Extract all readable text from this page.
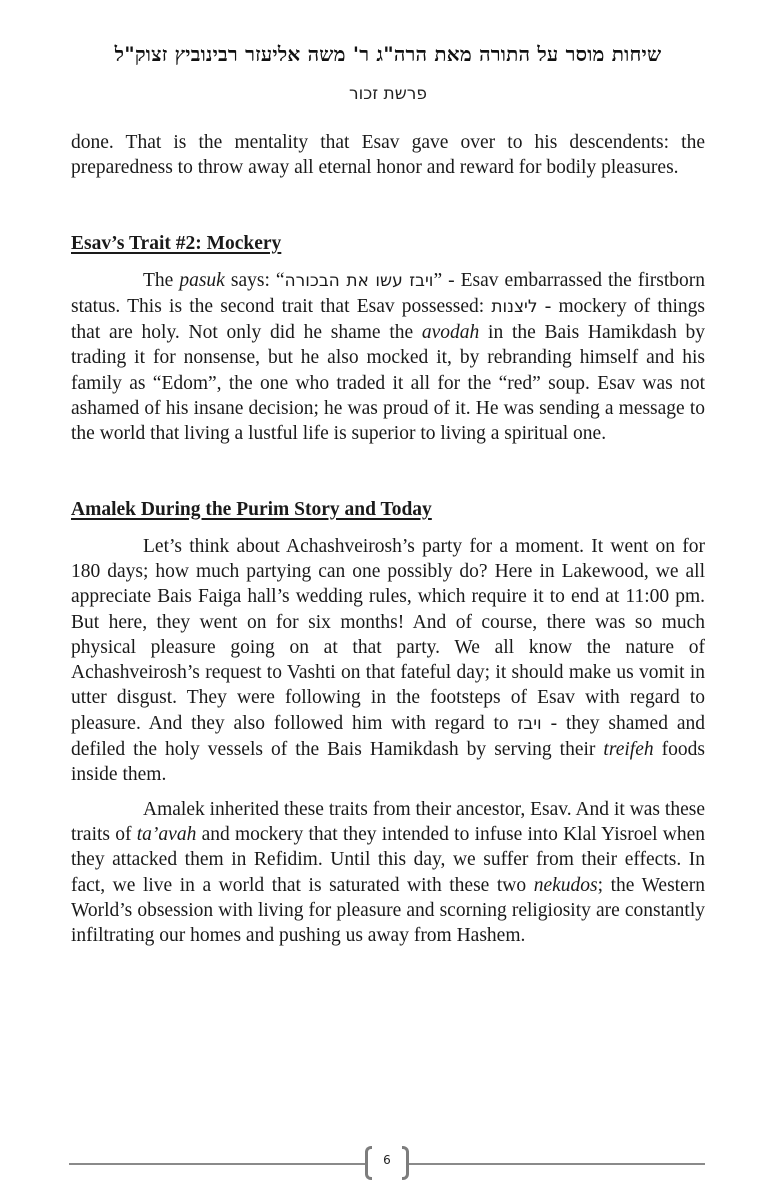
שיחות מוסר על התורה מאת הרה"ג ר' משה אליעזר רבינוביץ זצוק"ל
פרשת זכור

done. That is the mentality that Esav gave over to his descendents: the preparedness to throw away all eternal honor and reward for bodily pleasures.

Esav’s Trait #2: Mockery

The pasuk says: “ויבז עשו את הבכורה” - Esav embarrassed the firstborn status. This is the second trait that Esav possessed: ליצנות - mockery of things that are holy. Not only did he shame the avodah in the Bais Hamikdash by trading it for nonsense, but he also mocked it, by rebranding himself and his family as “Edom”, the one who traded it all for the “red” soup. Esav was not ashamed of his insane decision; he was proud of it. He was sending a message to the world that living a lustful life is superior to living a spiritual one.

Amalek During the Purim Story and Today

Let’s think about Achashveirosh’s party for a moment. It went on for 180 days; how much partying can one possibly do? Here in Lakewood, we all appreciate Bais Faiga hall’s wedding rules, which require it to end at 11:00 pm. But here, they went on for six months! And of course, there was so much physical pleasure going on at that party. We all know the nature of Achashveirosh’s request to Vashti on that fateful day; it should make us vomit in utter disgust. They were following in the footsteps of Esav with regard to pleasure. And they also followed him with regard to ויבז - they shamed and defiled the holy vessels of the Bais Hamikdash by serving their treifeh foods inside them.

Amalek inherited these traits from their ancestor, Esav. And it was these traits of ta’avah and mockery that they intended to infuse into Klal Yisroel when they attacked them in Refidim. Until this day, we suffer from their effects. In fact, we live in a world that is saturated with these two nekudos; the Western World’s obsession with living for pleasure and scorning religiosity are constantly infiltrating our homes and pushing us away from Hashem.

6
